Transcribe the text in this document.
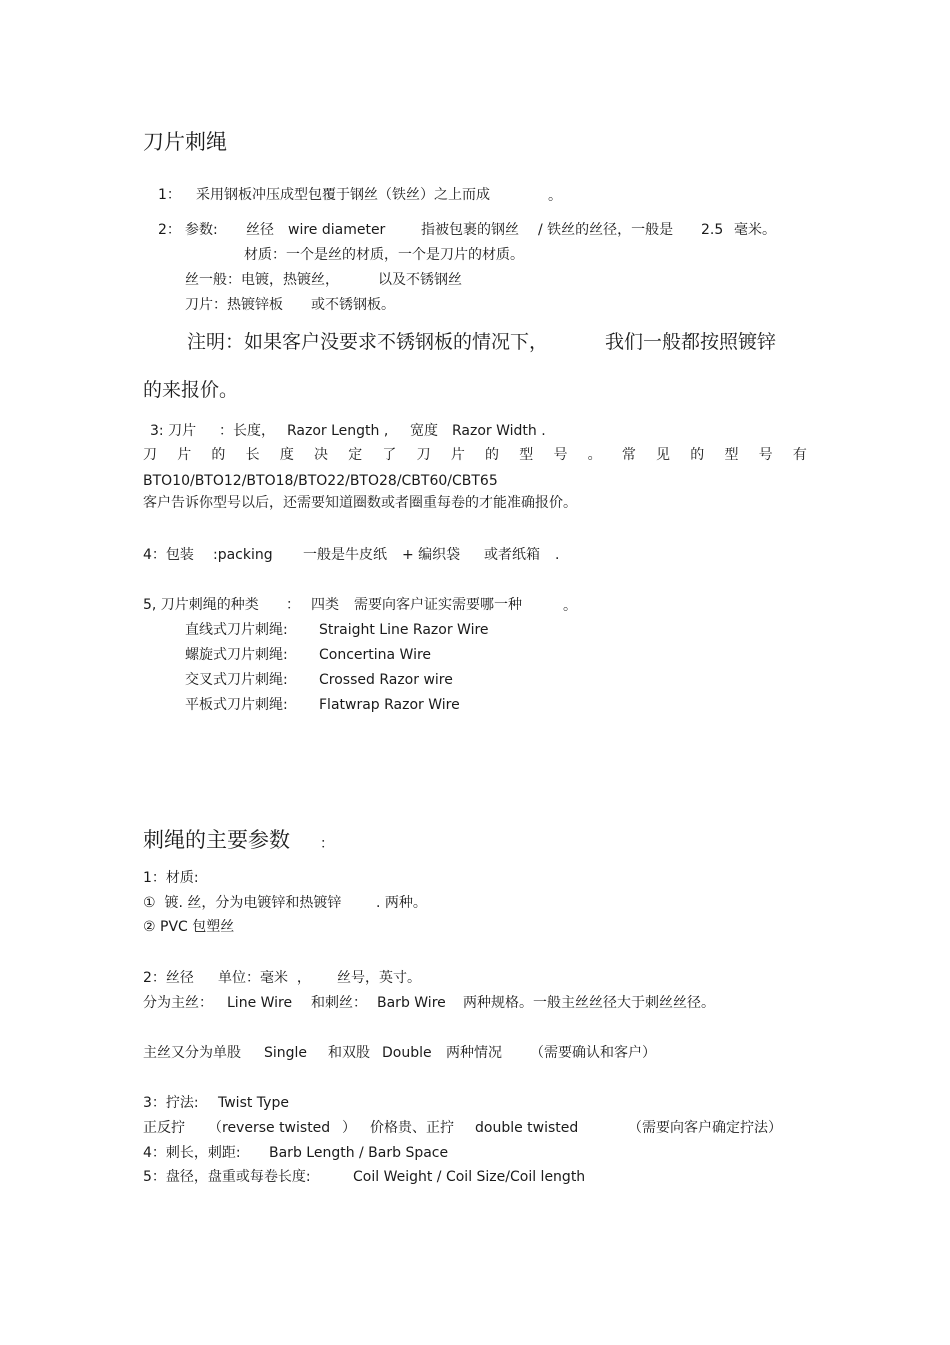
刀片刺绳
1： 采用钢板冲压成型包覆于钢丝（铁丝）之上而成	。
2： 参数: 丝径 wire diameter	指被包裹的钢丝 / 铁丝的丝径，一般是 2.5 毫米。
材质：一个是丝的材质，一个是刀片的材质。
丝一般：电镀，热镀丝，	以及不锈钢丝
刀片：热镀锌板 或不锈钢板。
注明：如果客户没要求不锈钢板的情况下，	我们一般都按照镀锌
的来报价。
3: 刀片 ：长度， Razor Length , 宽度 Razor Width .
刀 片 的 长 度 决 定 了 刀 片 的 型 号 。 常 见 的 型 号 有
BTO10/BTO12/BTO18/BTO22/BTO28/CBT60/CBT65
客户告诉你型号以后，还需要知道圈数或者圈重每卷的才能准确报价。
4：包装 :packing 一般是牛皮纸 + 编织袋 或者纸箱 .
5, 刀片刺绳的种类 ： 四类 需要向客户证实需要哪一种	。
直线式刀片刺绳: Straight Line Razor Wire
螺旋式刀片刺绳: Concertina Wire
交叉式刀片刺绳: Crossed Razor wire
平板式刀片刺绳: Flatwrap Razor Wire
刺绳的主要参数 ：
1：材质:
①  镀. 丝，分为电镀锌和热镀锌 . 两种。
② PVC 包塑丝
2：丝径 单位：毫米  ， 丝号，英寸。
分为主丝： Line Wire 和刺丝： Barb Wire 两种规格。一般主丝丝径大于刺丝丝径。
主丝又分为单股 Single 和双股 Double 两种情况 （需要确认和客户）
3：拧法: Twist Type
正反拧 （reverse twisted ） 价格贵、正拧 double twisted	（需要向客户确定拧法）
4：刺长，刺距: Barb Length / Barb Space
5：盘径，盘重或每卷长度:	Coil Weight / Coil Size/Coil length
